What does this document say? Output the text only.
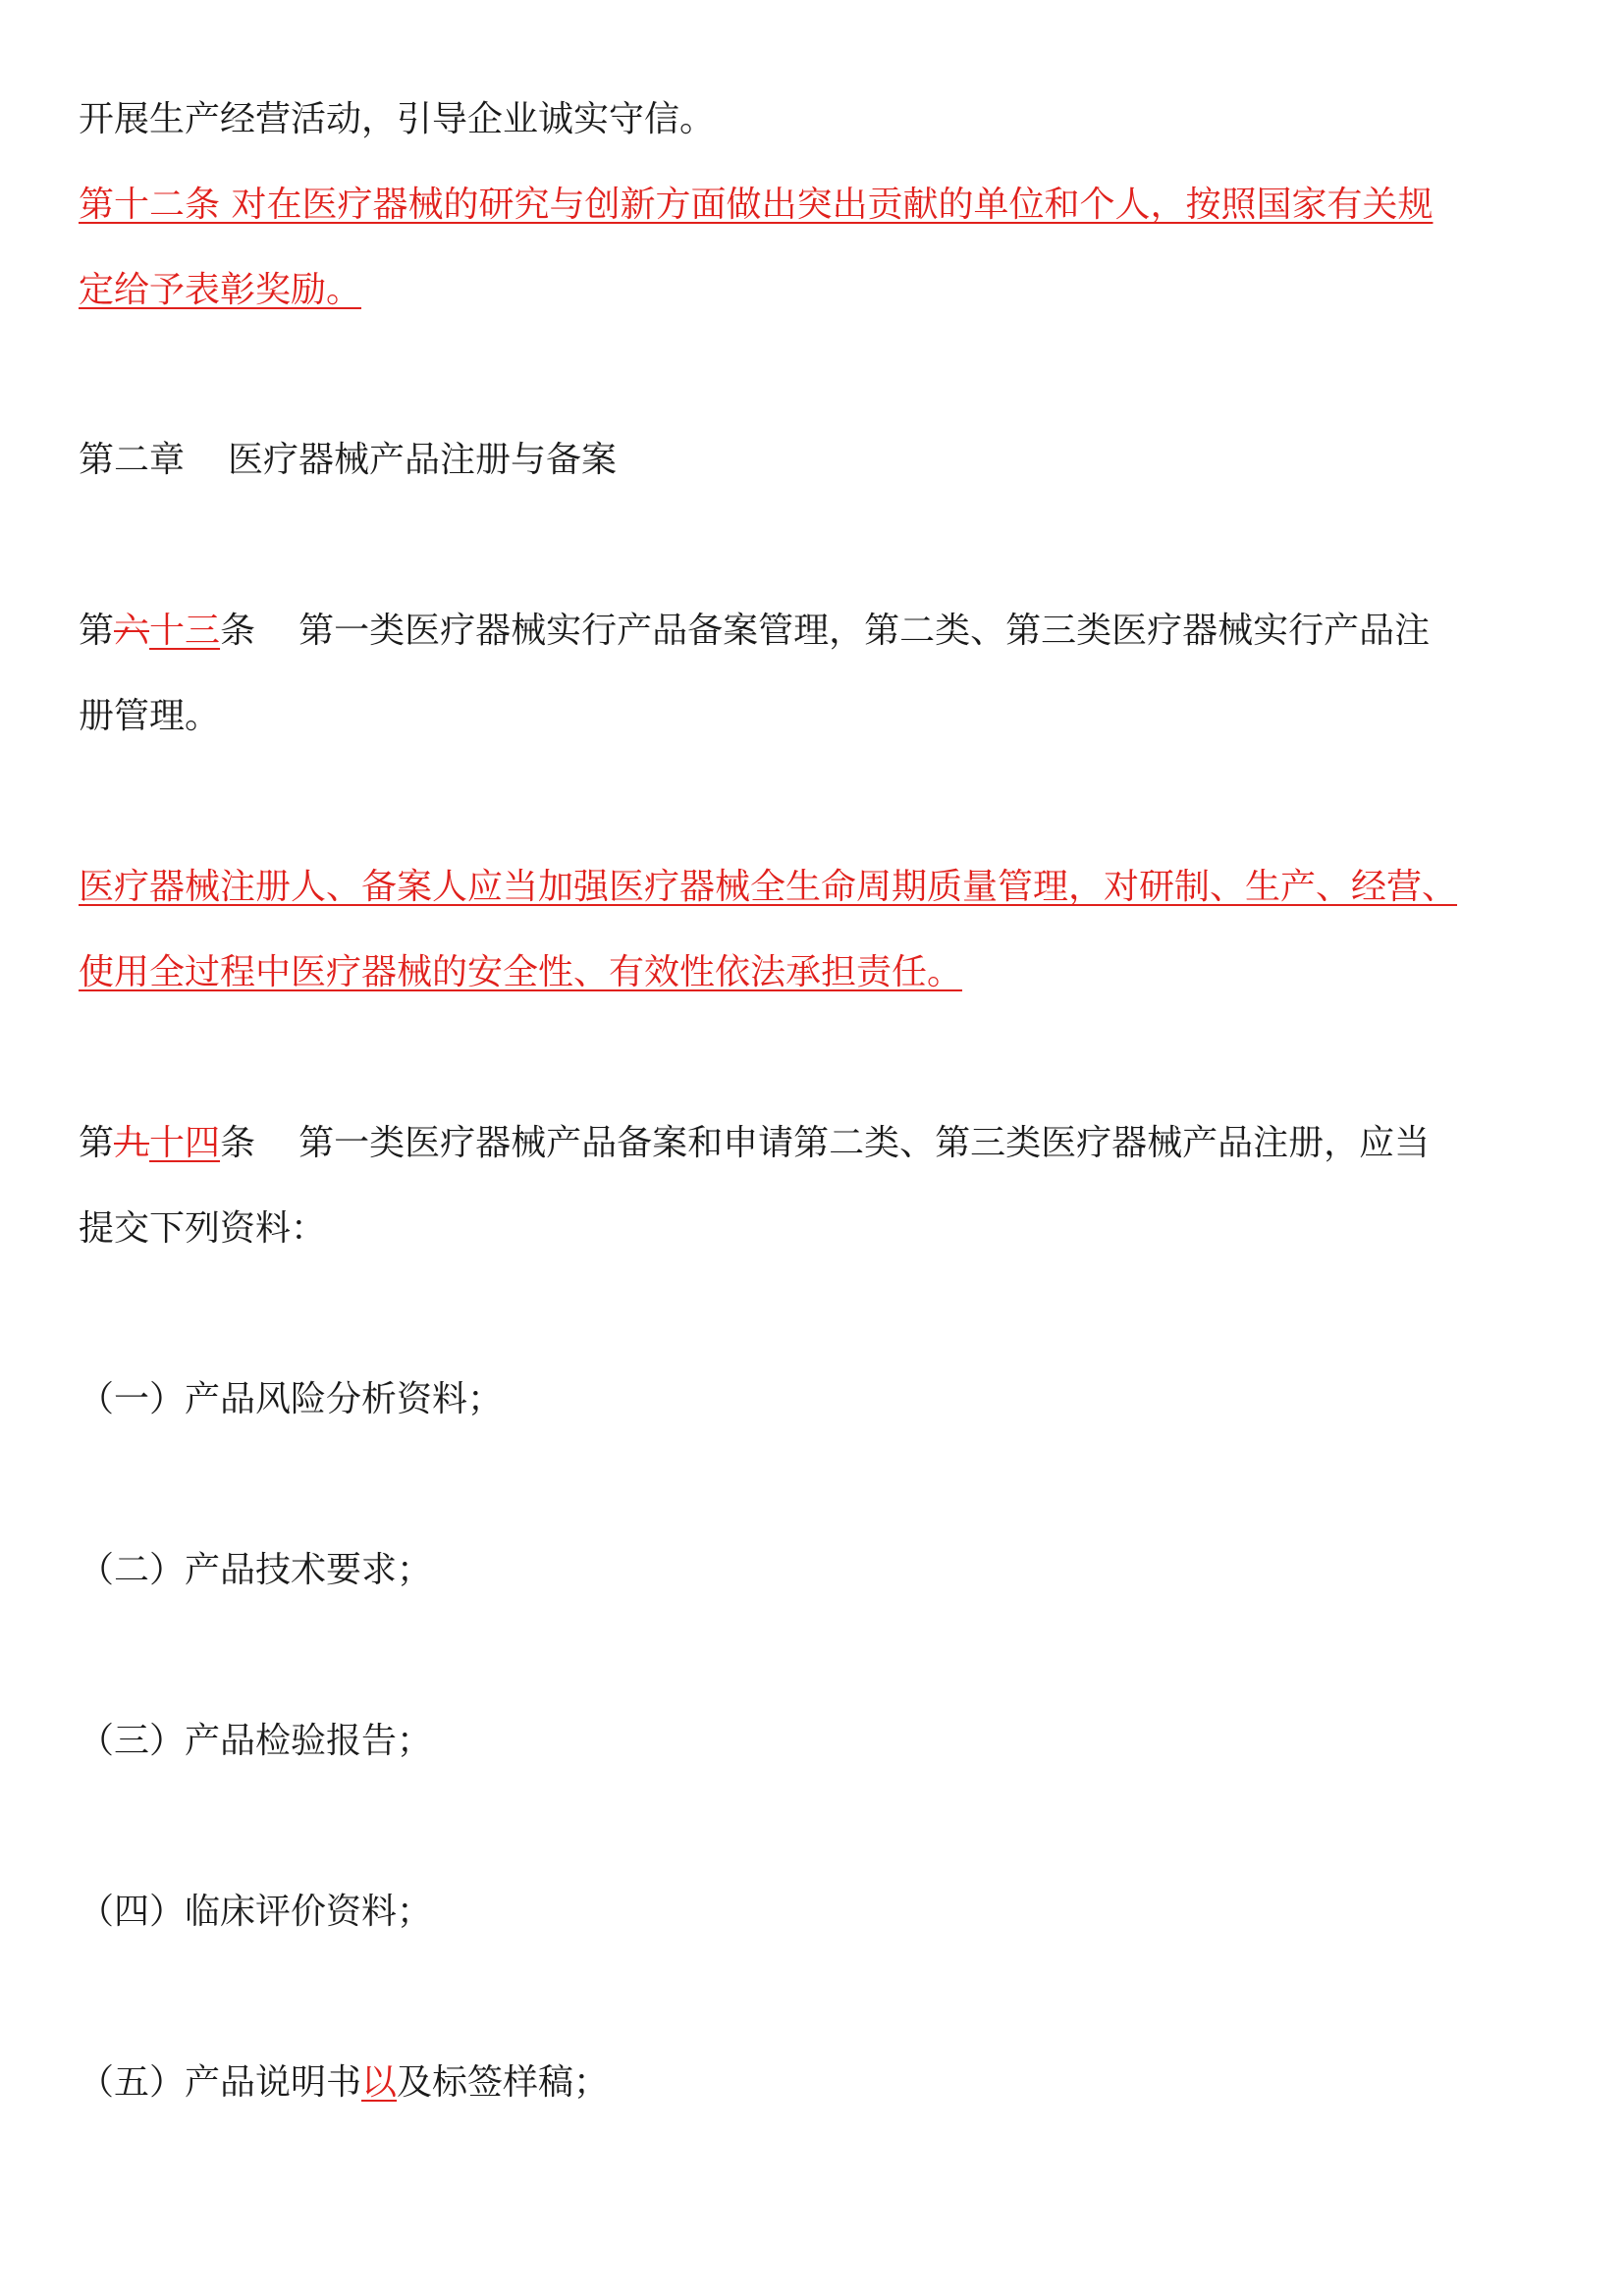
开展生产经营活动，引导企业诚实守信。
第十二条 对在医疗器械的研究与创新方面做出突出贡献的单位和个人，按照国家有关规
定给予表彰奖励。
第二章 医疗器械产品注册与备案
第六十三条 第一类医疗器械实行产品备案管理，第二类、第三类医疗器械实行产品注
册管理。
医疗器械注册人、备案人应当加强医疗器械全生命周期质量管理，对研制、生产、经营、
使用全过程中医疗器械的安全性、有效性依法承担责任。
第九十四条 第一类医疗器械产品备案和申请第二类、第三类医疗器械产品注册，应当
提交下列资料：
（一）产品风险分析资料；
（二）产品技术要求；
（三）产品检验报告；
（四）临床评价资料；
（五）产品说明书以及标签样稿；
